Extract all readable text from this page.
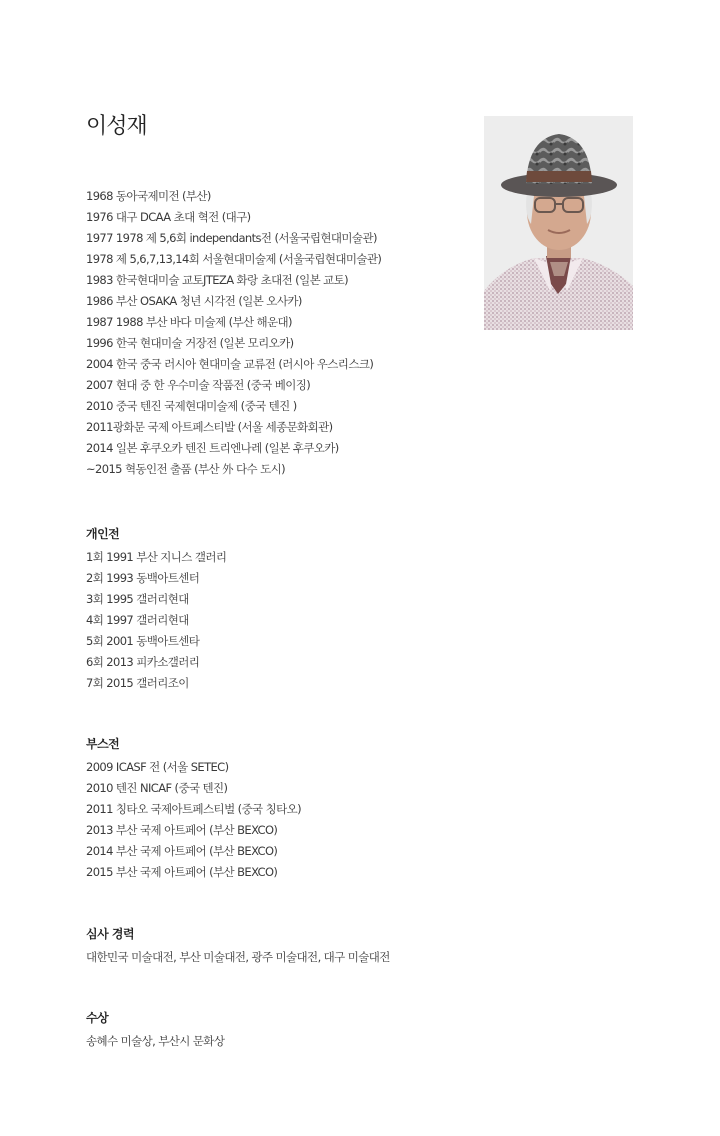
이성재
1968 동아국제미전 (부산)
1976 대구 DCAA 초대 혁전 (대구)
1977 1978 제 5,6회 independants전 (서울국립현대미술관)
1978 제 5,6,7,13,14회 서울현대미술제 (서울국립현대미술관)
1983 한국현대미술 교토JTEZA 화랑 초대전 (일본 교토)
1986 부산 OSAKA 청년 시각전 (일본 오사카)
1987 1988 부산 바다 미술제 (부산 해운대)
1996 한국 현대미술 거장전 (일본 모리오카)
2004 한국 중국 러시아 현대미술 교류전 (러시아 우스리스크)
2007 현대 중 한 우수미술 작품전 (중국 베이징)
2010 중국 텐진 국제현대미술제 (중국 텐진 )
2011광화문 국제 아트페스티발 (서울 세종문화회관)
2014 일본 후쿠오카 텐진 트리엔나레 (일본 후쿠오카)
~2015 혁동인전 출품 (부산 外 다수 도시)
개인전
1회 1991 부산 지니스 갤러리
2회 1993 동백아트센터
3회 1995 갤러리현대
4회 1997 갤러리현대
5회 2001 동백아트센타
6회 2013 피카소갤러리
7회 2015 갤러리조이
부스전
2009 ICASF 전 (서울 SETEC)
2010 텐진 NICAF (중국 텐진)
2011 칭타오 국제아트페스티벌 (중국 칭타오)
2013 부산 국제 아트페어 (부산 BEXCO)
2014 부산 국제 아트페어 (부산 BEXCO)
2015 부산 국제 아트페어 (부산 BEXCO)
심사 경력

대한민국 미술대전, 부산 미술대전, 광주 미술대전, 대구 미술대전

수상

송혜수 미술상, 부산시 문화상
